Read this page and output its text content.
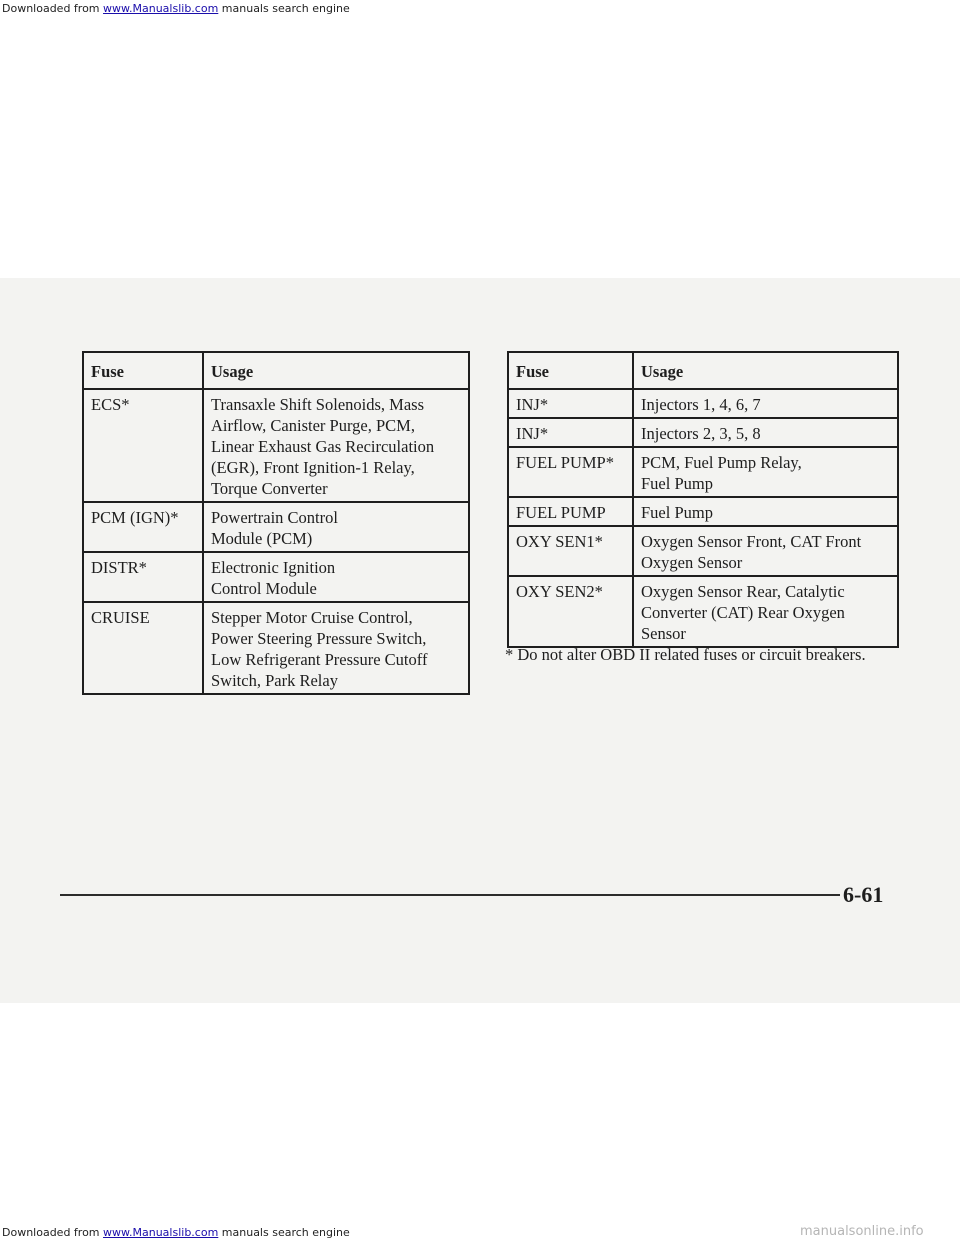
Downloaded from www.Manualslib.com manuals search engine
Fuse	Usage
ECS*	Transaxle Shift Solenoids, Mass Airflow, Canister Purge, PCM, Linear Exhaust Gas Recirculation (EGR), Front Ignition-1 Relay, Torque Converter
PCM (IGN)*	Powertrain Control Module (PCM)
DISTR*	Electronic Ignition Control Module
CRUISE	Stepper Motor Cruise Control, Power Steering Pressure Switch, Low Refrigerant Pressure Cutoff Switch, Park Relay
Fuse	Usage
INJ*	Injectors 1, 4, 6, 7
INJ*	Injectors 2, 3, 5, 8
FUEL PUMP*	PCM, Fuel Pump Relay, Fuel Pump
FUEL PUMP	Fuel Pump
OXY SEN1*	Oxygen Sensor Front, CAT Front Oxygen Sensor
OXY SEN2*	Oxygen Sensor Rear, Catalytic Converter (CAT) Rear Oxygen Sensor
* Do not alter OBD II related fuses or circuit breakers.
6-61
Downloaded from www.Manualslib.com manuals search engine	manualsonline.info
